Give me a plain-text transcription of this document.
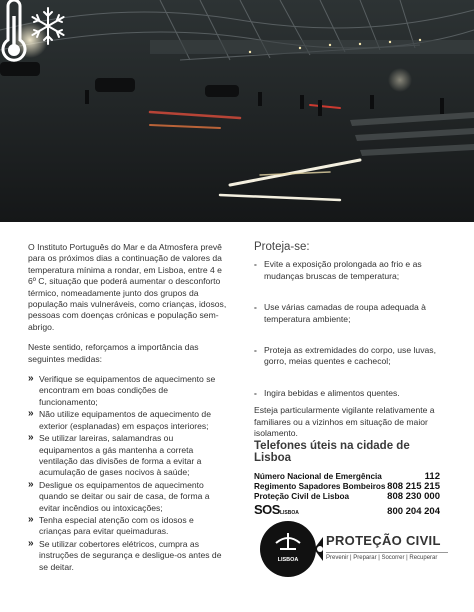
O Instituto Português do Mar e da Atmosfera prevê para os próximos dias a continuação de valores da temperatura mínima a rondar, em Lisboa, entre 4 e 6º C, situação que poderá aumentar o desconforto térmico, nomeadamente junto dos grupos da população mais vulneráveis, como crianças, idosos, pessoas com doenças crónicas e população sem-abrigo.

Neste sentido, reforçamos a importância das seguintes medidas:

» Verifique se equipamentos de aquecimento se encontram em boas condições de funcionamento;
» Não utilize equipamentos de aquecimento de exterior (esplanadas) em espaços interiores;
» Se utilizar lareiras, salamandras ou equipamentos a gás mantenha a correta ventilação das divisões de forma a evitar a acumulação de gases nocivos à saúde;
» Desligue os equipamentos de aquecimento quando se deitar ou sair de casa, de forma a evitar incêndios ou intoxicações;
» Tenha especial atenção com os idosos e crianças para evitar queimaduras.
» Se utilizar cobertores elétricos, cumpra as instruções de segurança e desligue-os antes de se deitar.
Proteja-se:
- Evite a exposição prolongada ao frio e as mudanças bruscas de temperatura;
- Use várias camadas de roupa adequada à temperatura ambiente;
- Proteja as extremidades do corpo, use luvas, gorro, meias quentes e cachecol;
- Ingira bebidas e alimentos quentes.

Esteja particularmente vigilante relativamente a familiares ou a vizinhos em situação de maior isolamento.

Telefones úteis na cidade de Lisboa
Número Nacional de Emergência	112
Regimento Sapadores Bombeiros 808 215 215
Proteção Civil de Lisboa	808 230 000
SOSLISBOA	800 204 204
LISBOA
PROTEÇÃO CIVIL
Prevenir | Preparar | Socorrer | Recuperar
